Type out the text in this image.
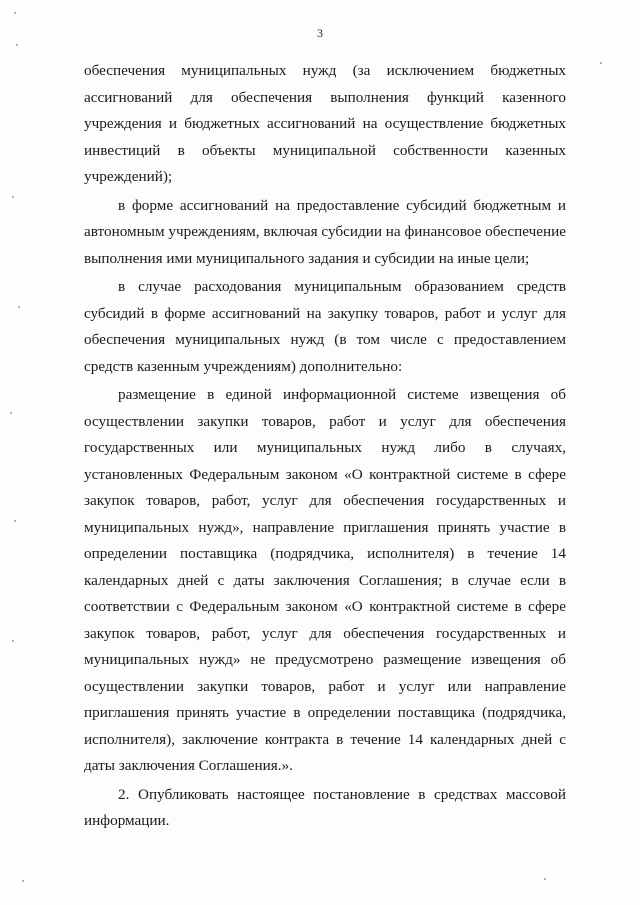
3

обеспечения муниципальных нужд (за исключением бюджетных ассигнований для обеспечения выполнения функций казенного учреждения и бюджетных ассигнований на осуществление бюджетных инвестиций в объекты муниципальной собственности казенных учреждений);

в форме ассигнований на предоставление субсидий бюджетным и автономным учреждениям, включая субсидии на финансовое обеспечение выполнения ими муниципального задания и субсидии на иные цели;

в случае расходования муниципальным образованием средств субсидий в форме ассигнований на закупку товаров, работ и услуг для обеспечения муниципальных нужд (в том числе с предоставлением средств казенным учреждениям) дополнительно:

размещение в единой информационной системе извещения об осуществлении закупки товаров, работ и услуг для обеспечения государственных или муниципальных нужд либо в случаях, установленных Федеральным законом «О контрактной системе в сфере закупок товаров, работ, услуг для обеспечения государственных и муниципальных нужд», направление приглашения принять участие в определении поставщика (подрядчика, исполнителя) в течение 14 календарных дней с даты заключения Соглашения; в случае если в соответствии с Федеральным законом «О контрактной системе в сфере закупок товаров, работ, услуг для обеспечения государственных и муниципальных нужд» не предусмотрено размещение извещения об осуществлении закупки товаров, работ и услуг или направление приглашения принять участие в определении поставщика (подрядчика, исполнителя), заключение контракта в течение 14 календарных дней с даты заключения Соглашения.».

2. Опубликовать настоящее постановление в средствах массовой информации.
